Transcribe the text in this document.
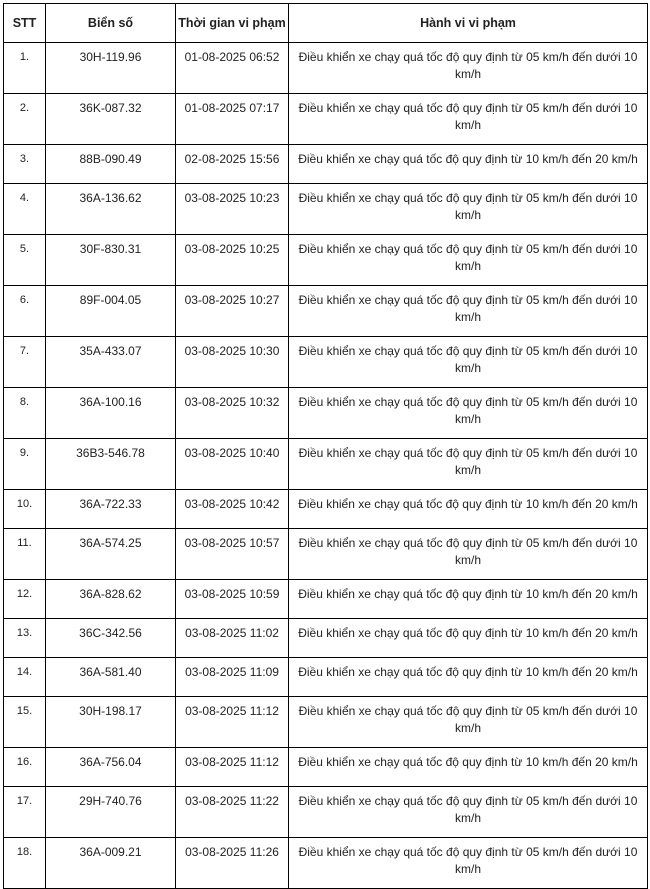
STT	Biển số	Thời gian vi phạm	Hành vi vi phạm

1.	30H-119.96	01-08-2025 06:52	Điều khiển xe chạy quá tốc độ quy định từ 05 km/h đến dưới 10 km/h

2.	36K-087.32	01-08-2025 07:17	Điều khiển xe chạy quá tốc độ quy định từ 05 km/h đến dưới 10 km/h

3.	88B-090.49	02-08-2025 15:56	Điều khiển xe chạy quá tốc độ quy định từ 10 km/h đến 20 km/h

4.	36A-136.62	03-08-2025 10:23	Điều khiển xe chạy quá tốc độ quy định từ 05 km/h đến dưới 10 km/h

5.	30F-830.31	03-08-2025 10:25	Điều khiển xe chạy quá tốc độ quy định từ 05 km/h đến dưới 10 km/h

6.	89F-004.05	03-08-2025 10:27	Điều khiển xe chạy quá tốc độ quy định từ 05 km/h đến dưới 10 km/h

7.	35A-433.07	03-08-2025 10:30	Điều khiển xe chạy quá tốc độ quy định từ 05 km/h đến dưới 10 km/h

8.	36A-100.16	03-08-2025 10:32	Điều khiển xe chạy quá tốc độ quy định từ 05 km/h đến dưới 10 km/h

9.	36B3-546.78	03-08-2025 10:40	Điều khiển xe chạy quá tốc độ quy định từ 05 km/h đến dưới 10 km/h

10.	36A-722.33	03-08-2025 10:42	Điều khiển xe chạy quá tốc độ quy định từ 10 km/h đến 20 km/h

11.	36A-574.25	03-08-2025 10:57	Điều khiển xe chạy quá tốc độ quy định từ 05 km/h đến dưới 10 km/h

12.	36A-828.62	03-08-2025 10:59	Điều khiển xe chạy quá tốc độ quy định từ 10 km/h đến 20 km/h

13.	36C-342.56	03-08-2025 11:02	Điều khiển xe chạy quá tốc độ quy định từ 10 km/h đến 20 km/h

14.	36A-581.40	03-08-2025 11:09	Điều khiển xe chạy quá tốc độ quy định từ 10 km/h đến 20 km/h

15.	30H-198.17	03-08-2025 11:12	Điều khiển xe chạy quá tốc độ quy định từ 05 km/h đến dưới 10 km/h

16.	36A-756.04	03-08-2025 11:12	Điều khiển xe chạy quá tốc độ quy định từ 10 km/h đến 20 km/h

17.	29H-740.76	03-08-2025 11:22	Điều khiển xe chạy quá tốc độ quy định từ 05 km/h đến dưới 10 km/h

18.	36A-009.21	03-08-2025 11:26	Điều khiển xe chạy quá tốc độ quy định từ 05 km/h đến dưới 10 km/h
